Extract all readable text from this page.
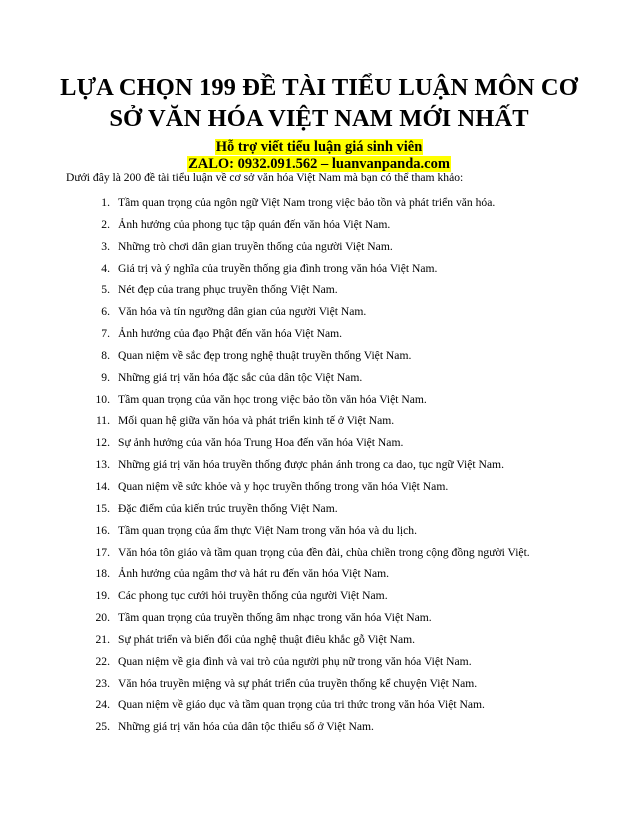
LỰA CHỌN 199 ĐỀ TÀI TIỂU LUẬN MÔN CƠ
SỞ VĂN HÓA VIỆT NAM MỚI NHẤT
Hỗ trợ viết tiểu luận giá sinh viên
ZALO: 0932.091.562 – luanvanpanda.com
Dưới đây là 200 đề tài tiểu luận về cơ sở văn hóa Việt Nam mà bạn có thể tham khảo:
1. Tầm quan trọng của ngôn ngữ Việt Nam trong việc bảo tồn và phát triển văn hóa.
2. Ảnh hưởng của phong tục tập quán đến văn hóa Việt Nam.
3. Những trò chơi dân gian truyền thống của người Việt Nam.
4. Giá trị và ý nghĩa của truyền thống gia đình trong văn hóa Việt Nam.
5. Nét đẹp của trang phục truyền thống Việt Nam.
6. Văn hóa và tín ngưỡng dân gian của người Việt Nam.
7. Ảnh hưởng của đạo Phật đến văn hóa Việt Nam.
8. Quan niệm về sắc đẹp trong nghệ thuật truyền thống Việt Nam.
9. Những giá trị văn hóa đặc sắc của dân tộc Việt Nam.
10. Tầm quan trọng của văn học trong việc bảo tồn văn hóa Việt Nam.
11. Mối quan hệ giữa văn hóa và phát triển kinh tế ở Việt Nam.
12. Sự ảnh hưởng của văn hóa Trung Hoa đến văn hóa Việt Nam.
13. Những giá trị văn hóa truyền thống được phản ánh trong ca dao, tục ngữ Việt Nam.
14. Quan niệm về sức khỏe và y học truyền thống trong văn hóa Việt Nam.
15. Đặc điểm của kiến trúc truyền thống Việt Nam.
16. Tầm quan trọng của ẩm thực Việt Nam trong văn hóa và du lịch.
17. Văn hóa tôn giáo và tầm quan trọng của đền đài, chùa chiền trong cộng đồng người Việt.
18. Ảnh hưởng của ngâm thơ và hát ru đến văn hóa Việt Nam.
19. Các phong tục cưới hỏi truyền thống của người Việt Nam.
20. Tầm quan trọng của truyền thống âm nhạc trong văn hóa Việt Nam.
21. Sự phát triển và biến đổi của nghệ thuật điêu khắc gỗ Việt Nam.
22. Quan niệm về gia đình và vai trò của người phụ nữ trong văn hóa Việt Nam.
23. Văn hóa truyền miệng và sự phát triển của truyền thống kể chuyện Việt Nam.
24. Quan niệm về giáo dục và tầm quan trọng của tri thức trong văn hóa Việt Nam.
25. Những giá trị văn hóa của dân tộc thiểu số ở Việt Nam.
